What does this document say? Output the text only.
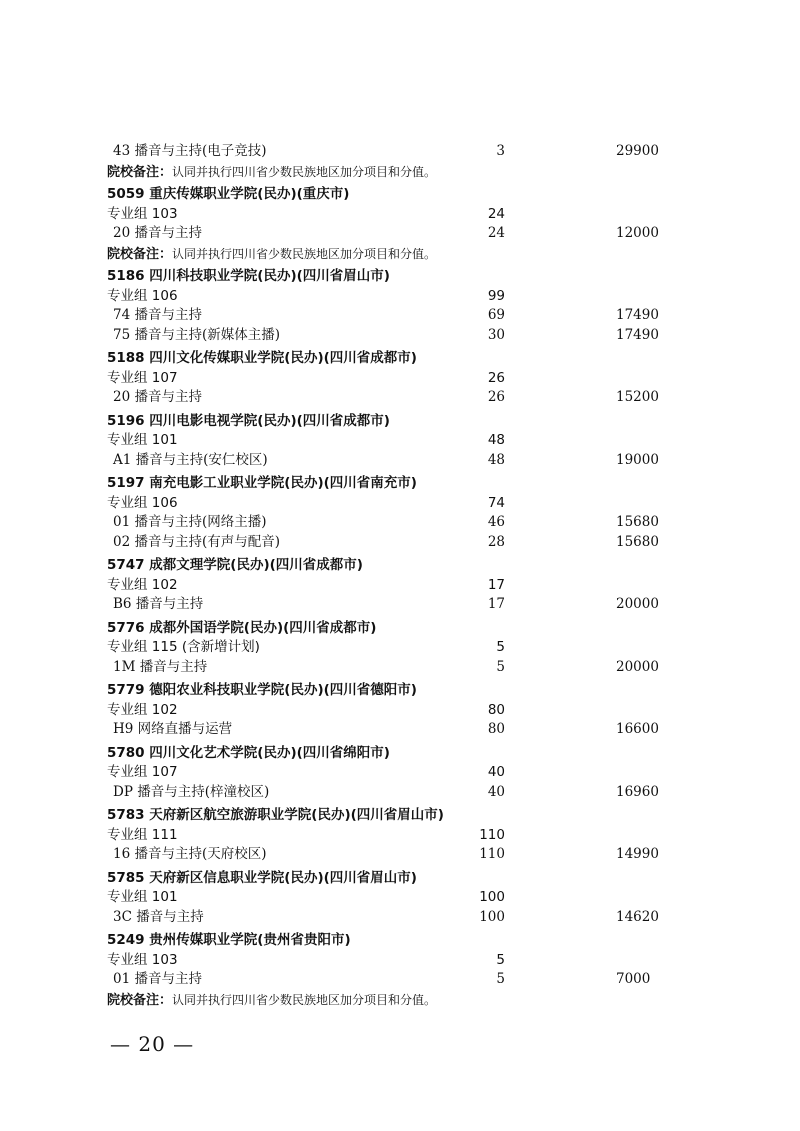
43 播音与主持(电子竞技)	3	29900
院校备注：认同并执行四川省少数民族地区加分项目和分值。
5059 重庆传媒职业学院(民办)(重庆市)
专业组 103	24
20 播音与主持	24	12000
院校备注：认同并执行四川省少数民族地区加分项目和分值。
5186 四川科技职业学院(民办)(四川省眉山市)
专业组 106	99
74 播音与主持	69	17490
75 播音与主持(新媒体主播)	30	17490
5188 四川文化传媒职业学院(民办)(四川省成都市)
专业组 107	26
20 播音与主持	26	15200
5196 四川电影电视学院(民办)(四川省成都市)
专业组 101	48
A1 播音与主持(安仁校区)	48	19000
5197 南充电影工业职业学院(民办)(四川省南充市)
专业组 106	74
01 播音与主持(网络主播)	46	15680
02 播音与主持(有声与配音)	28	15680
5747 成都文理学院(民办)(四川省成都市)
专业组 102	17
B6 播音与主持	17	20000
5776 成都外国语学院(民办)(四川省成都市)
专业组 115 (含新增计划)	5
1M 播音与主持	5	20000
5779 德阳农业科技职业学院(民办)(四川省德阳市)
专业组 102	80
H9 网络直播与运营	80	16600
5780 四川文化艺术学院(民办)(四川省绵阳市)
专业组 107	40
DP 播音与主持(梓潼校区)	40	16960
5783 天府新区航空旅游职业学院(民办)(四川省眉山市)
专业组 111	110
16 播音与主持(天府校区)	110	14990
5785 天府新区信息职业学院(民办)(四川省眉山市)
专业组 101	100
3C 播音与主持	100	14620
5249 贵州传媒职业学院(贵州省贵阳市)
专业组 103	5
01 播音与主持	5	7000
院校备注：认同并执行四川省少数民族地区加分项目和分值。
— 20 —
